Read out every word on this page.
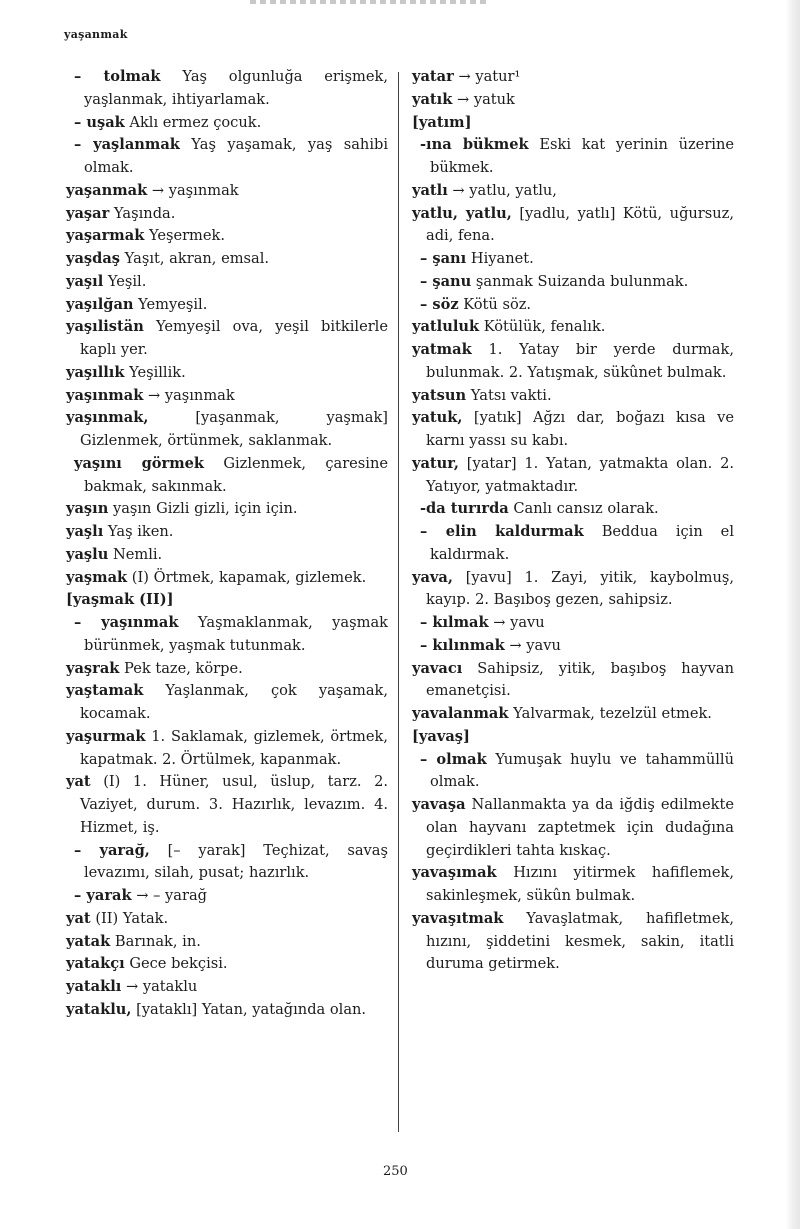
yaşanmak

– tolmak Yaş olgunluğa erişmek, yaşlanmak, ihtiyarlamak.

– uşak Aklı ermez çocuk.

– yaşlanmak Yaş yaşamak, yaş sahibi olmak.

yaşanmak → yaşınmak

yaşar Yaşında.

yaşarmak Yeşermek.

yaşdaş Yaşıt, akran, emsal.

yaşıl Yeşil.

yaşılğan Yemyeşil.

yaşılistän Yemyeşil ova, yeşil bitkilerle kaplı yer.

yaşıllık Yeşillik.

yaşınmak → yaşınmak

yaşınmak, [yaşanmak, yaşmak] Gizlenmek, örtünmek, saklanmak.

yaşını görmek Gizlenmek, çaresine bakmak, sakınmak.

yaşın yaşın Gizli gizli, için için.

yaşlı Yaş iken.

yaşlu Nemli.

yaşmak (I) Örtmek, kapamak, gizlemek.

[yaşmak (II)]

– yaşınmak Yaşmaklanmak, yaşmak bürünmek, yaşmak tutunmak.

yaşrak Pek taze, körpe.

yaştamak Yaşlanmak, çok yaşamak, kocamak.

yaşurmak 1. Saklamak, gizlemek, örtmek, kapatmak. 2. Örtülmek, kapanmak.

yat (I) 1. Hüner, usul, üslup, tarz. 2. Vaziyet, durum. 3. Hazırlık, levazım. 4. Hizmet, iş.

– yarağ, [– yarak] Teçhizat, savaş levazımı, silah, pusat; hazırlık.

– yarak → – yarağ

yat (II) Yatak.

yatak Barınak, in.

yatakçı Gece bekçisi.

yataklı → yataklu

yataklu, [yataklı] Yatan, yatağında olan.

yatar → yatur¹

yatık → yatuk

[yatım]

-ına bükmek Eski kat yerinin üzerine bükmek.

yatlı → yatlu, yatlu,

yatlu, yatlu, [yadlu, yatlı] Kötü, uğursuz, adi, fena.

– şanı Hiyanet.

– şanu şanmak Suizanda bulunmak.

– söz Kötü söz.

yatluluk Kötülük, fenalık.

yatmak 1. Yatay bir yerde durmak, bulunmak. 2. Yatışmak, sükûnet bulmak.

yatsun Yatsı vakti.

yatuk, [yatık] Ağzı dar, boğazı kısa ve karnı yassı su kabı.

yatur, [yatar] 1. Yatan, yatmakta olan. 2. Yatıyor, yatmaktadır.

-da turırda Canlı cansız olarak.

– elin kaldurmak Beddua için el kaldırmak.

yava, [yavu] 1. Zayi, yitik, kaybolmuş, kayıp. 2. Başıboş gezen, sahipsiz.

– kılmak → yavu

– kılınmak → yavu

yavacı Sahipsiz, yitik, başıboş hayvan emanetçisi.

yavalanmak Yalvarmak, tezelzül etmek.

[yavaş]

– olmak Yumuşak huylu ve tahammüllü olmak.

yavaşa Nallanmakta ya da iğdiş edilmekte olan hayvanı zaptetmek için dudağına geçirdikleri tahta kıskaç.

yavaşımak Hızını yitirmek hafiflemek, sakinleşmek, sükûn bulmak.

yavaşıtmak Yavaşlatmak, hafifletmek, hızını, şiddetini kesmek, sakin, itatli duruma getirmek.

250
